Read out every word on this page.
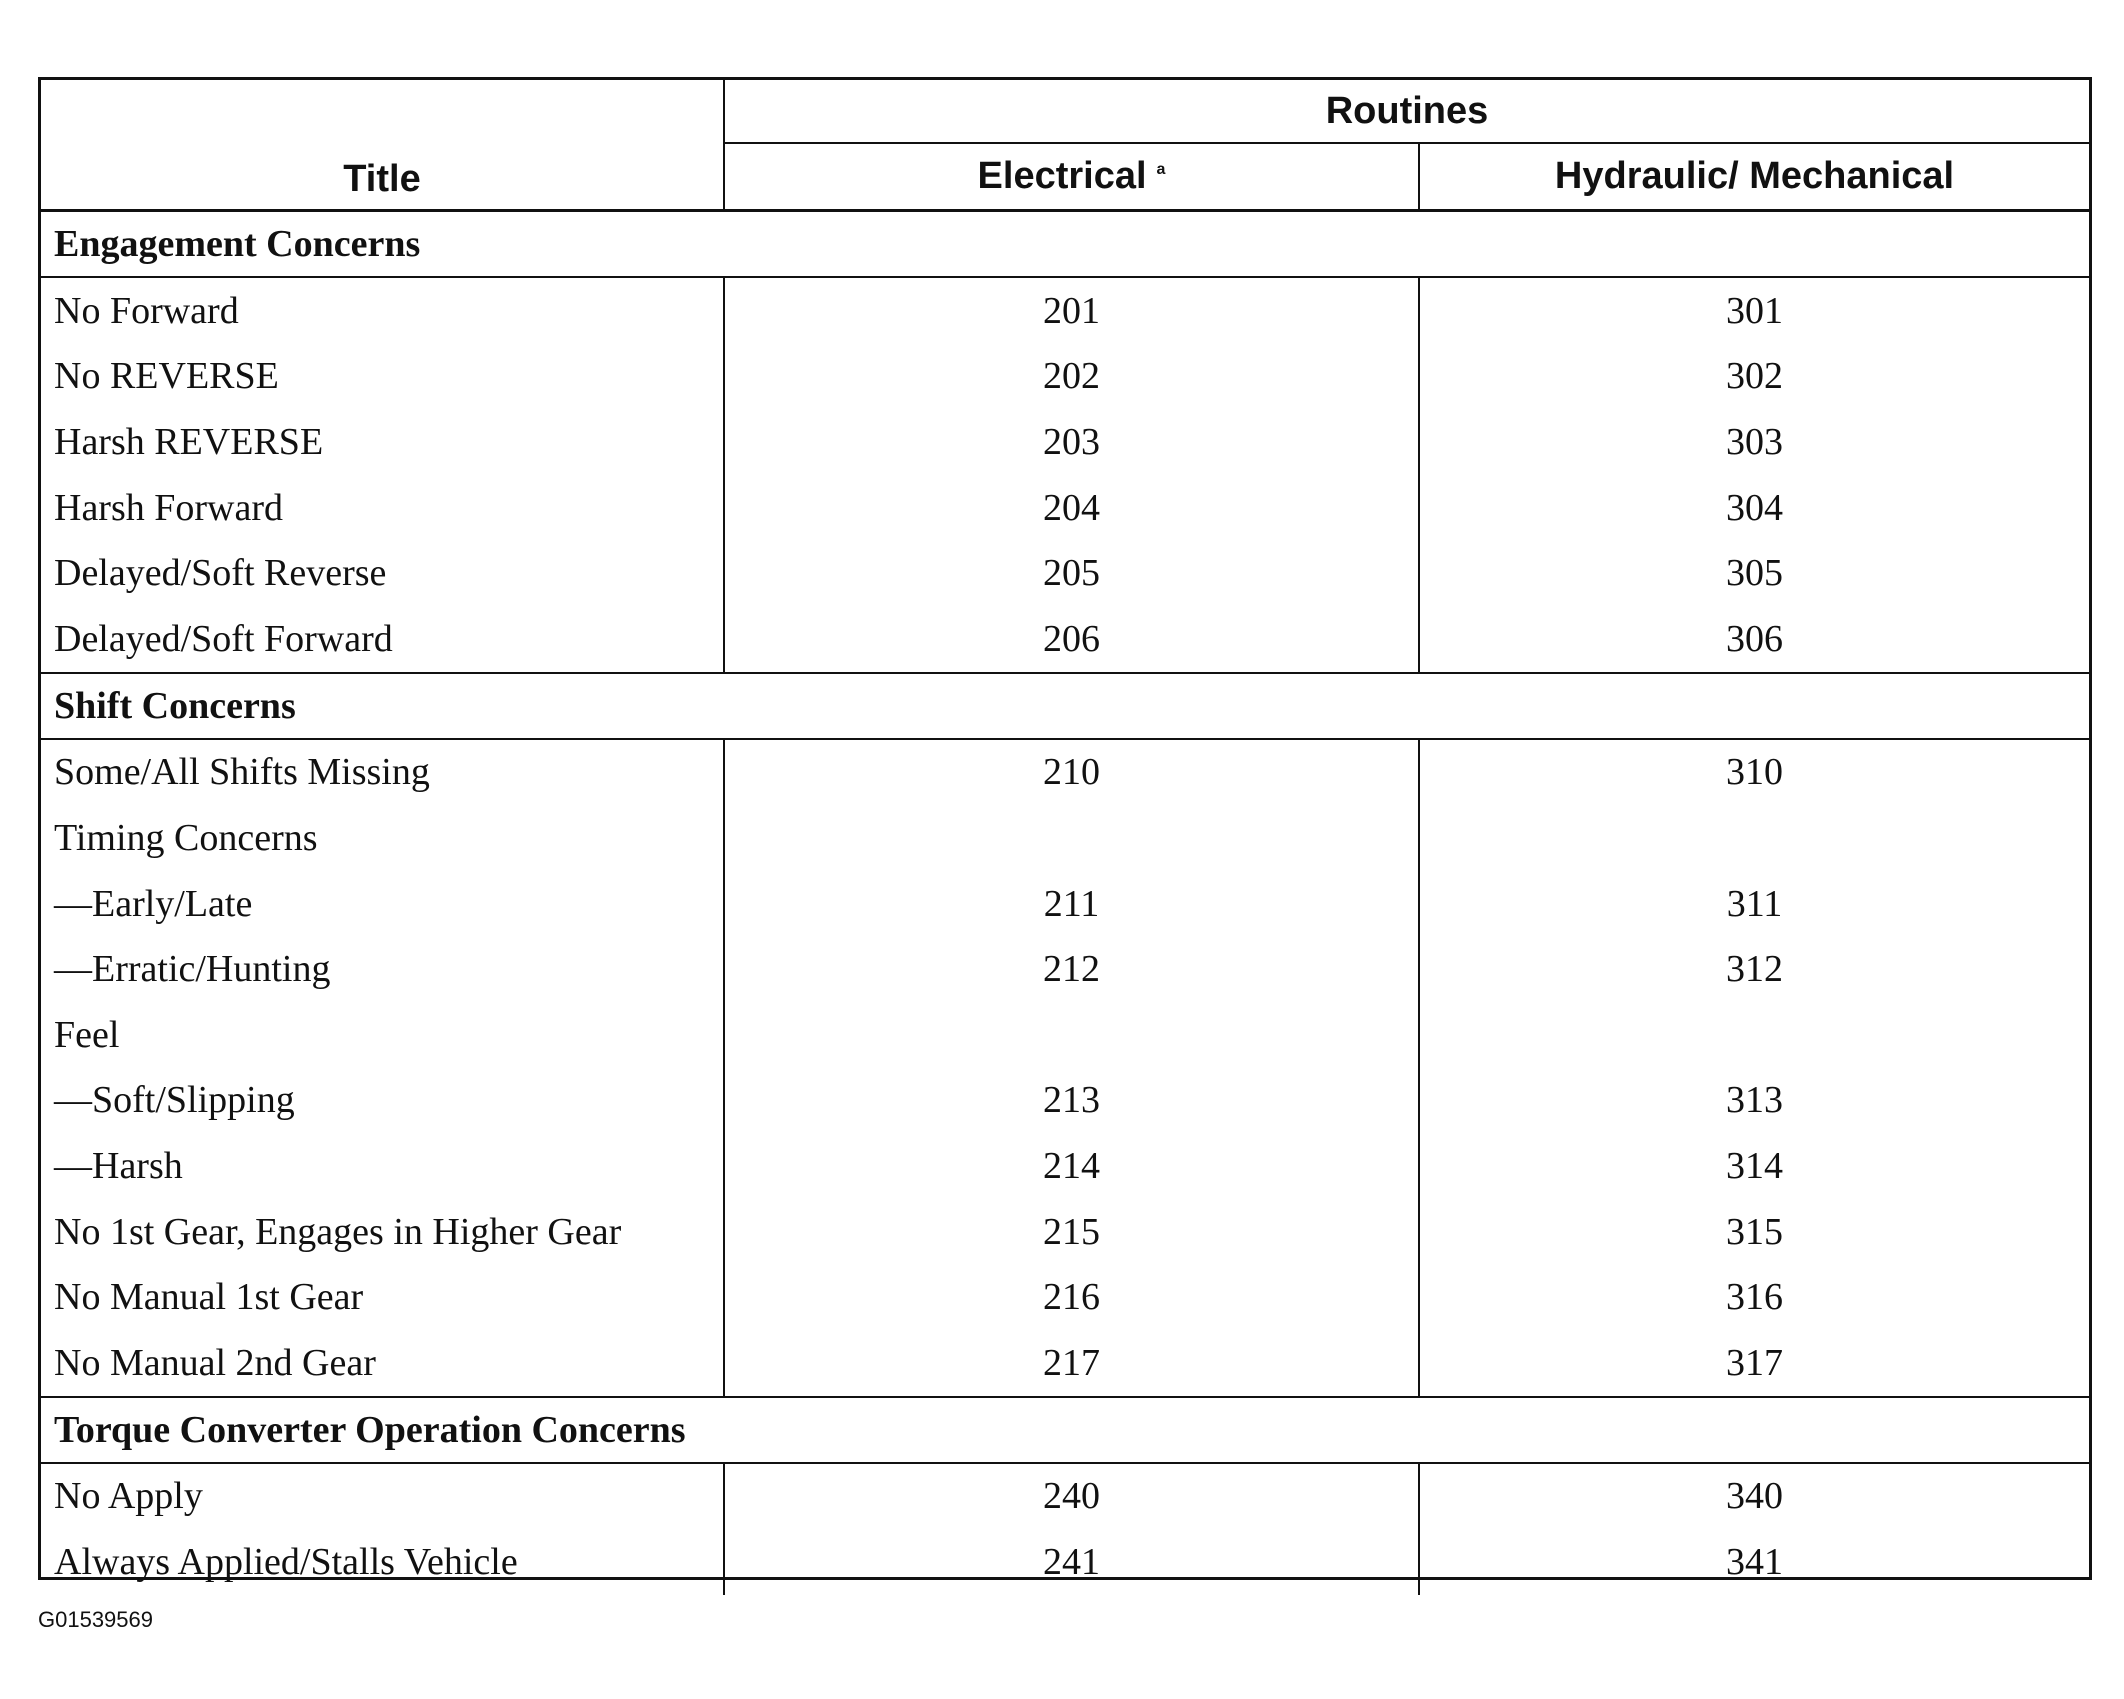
Title	Routines	
	Electrical $^a$	Hydraulic/ Mechanical
Engagement Concerns		
No Forward	201	301
No REVERSE	202	302
Harsh REVERSE	203	303
Harsh Forward	204	304
Delayed/Soft Reverse	205	305
Delayed/Soft Forward	206	306
Shift Concerns		
Some/All Shifts Missing	210	310
Timing Concerns		
—Early/Late	211	311
—Erratic/Hunting	212	312
Feel		
—Soft/Slipping	213	313
—Harsh	214	314
No 1st Gear, Engages in Higher Gear	215	315
No Manual 1st Gear	216	316
No Manual 2nd Gear	217	317
Torque Converter Operation Concerns		
No Apply	240	340
Always Applied/Stalls Vehicle	241	341
G01539569
